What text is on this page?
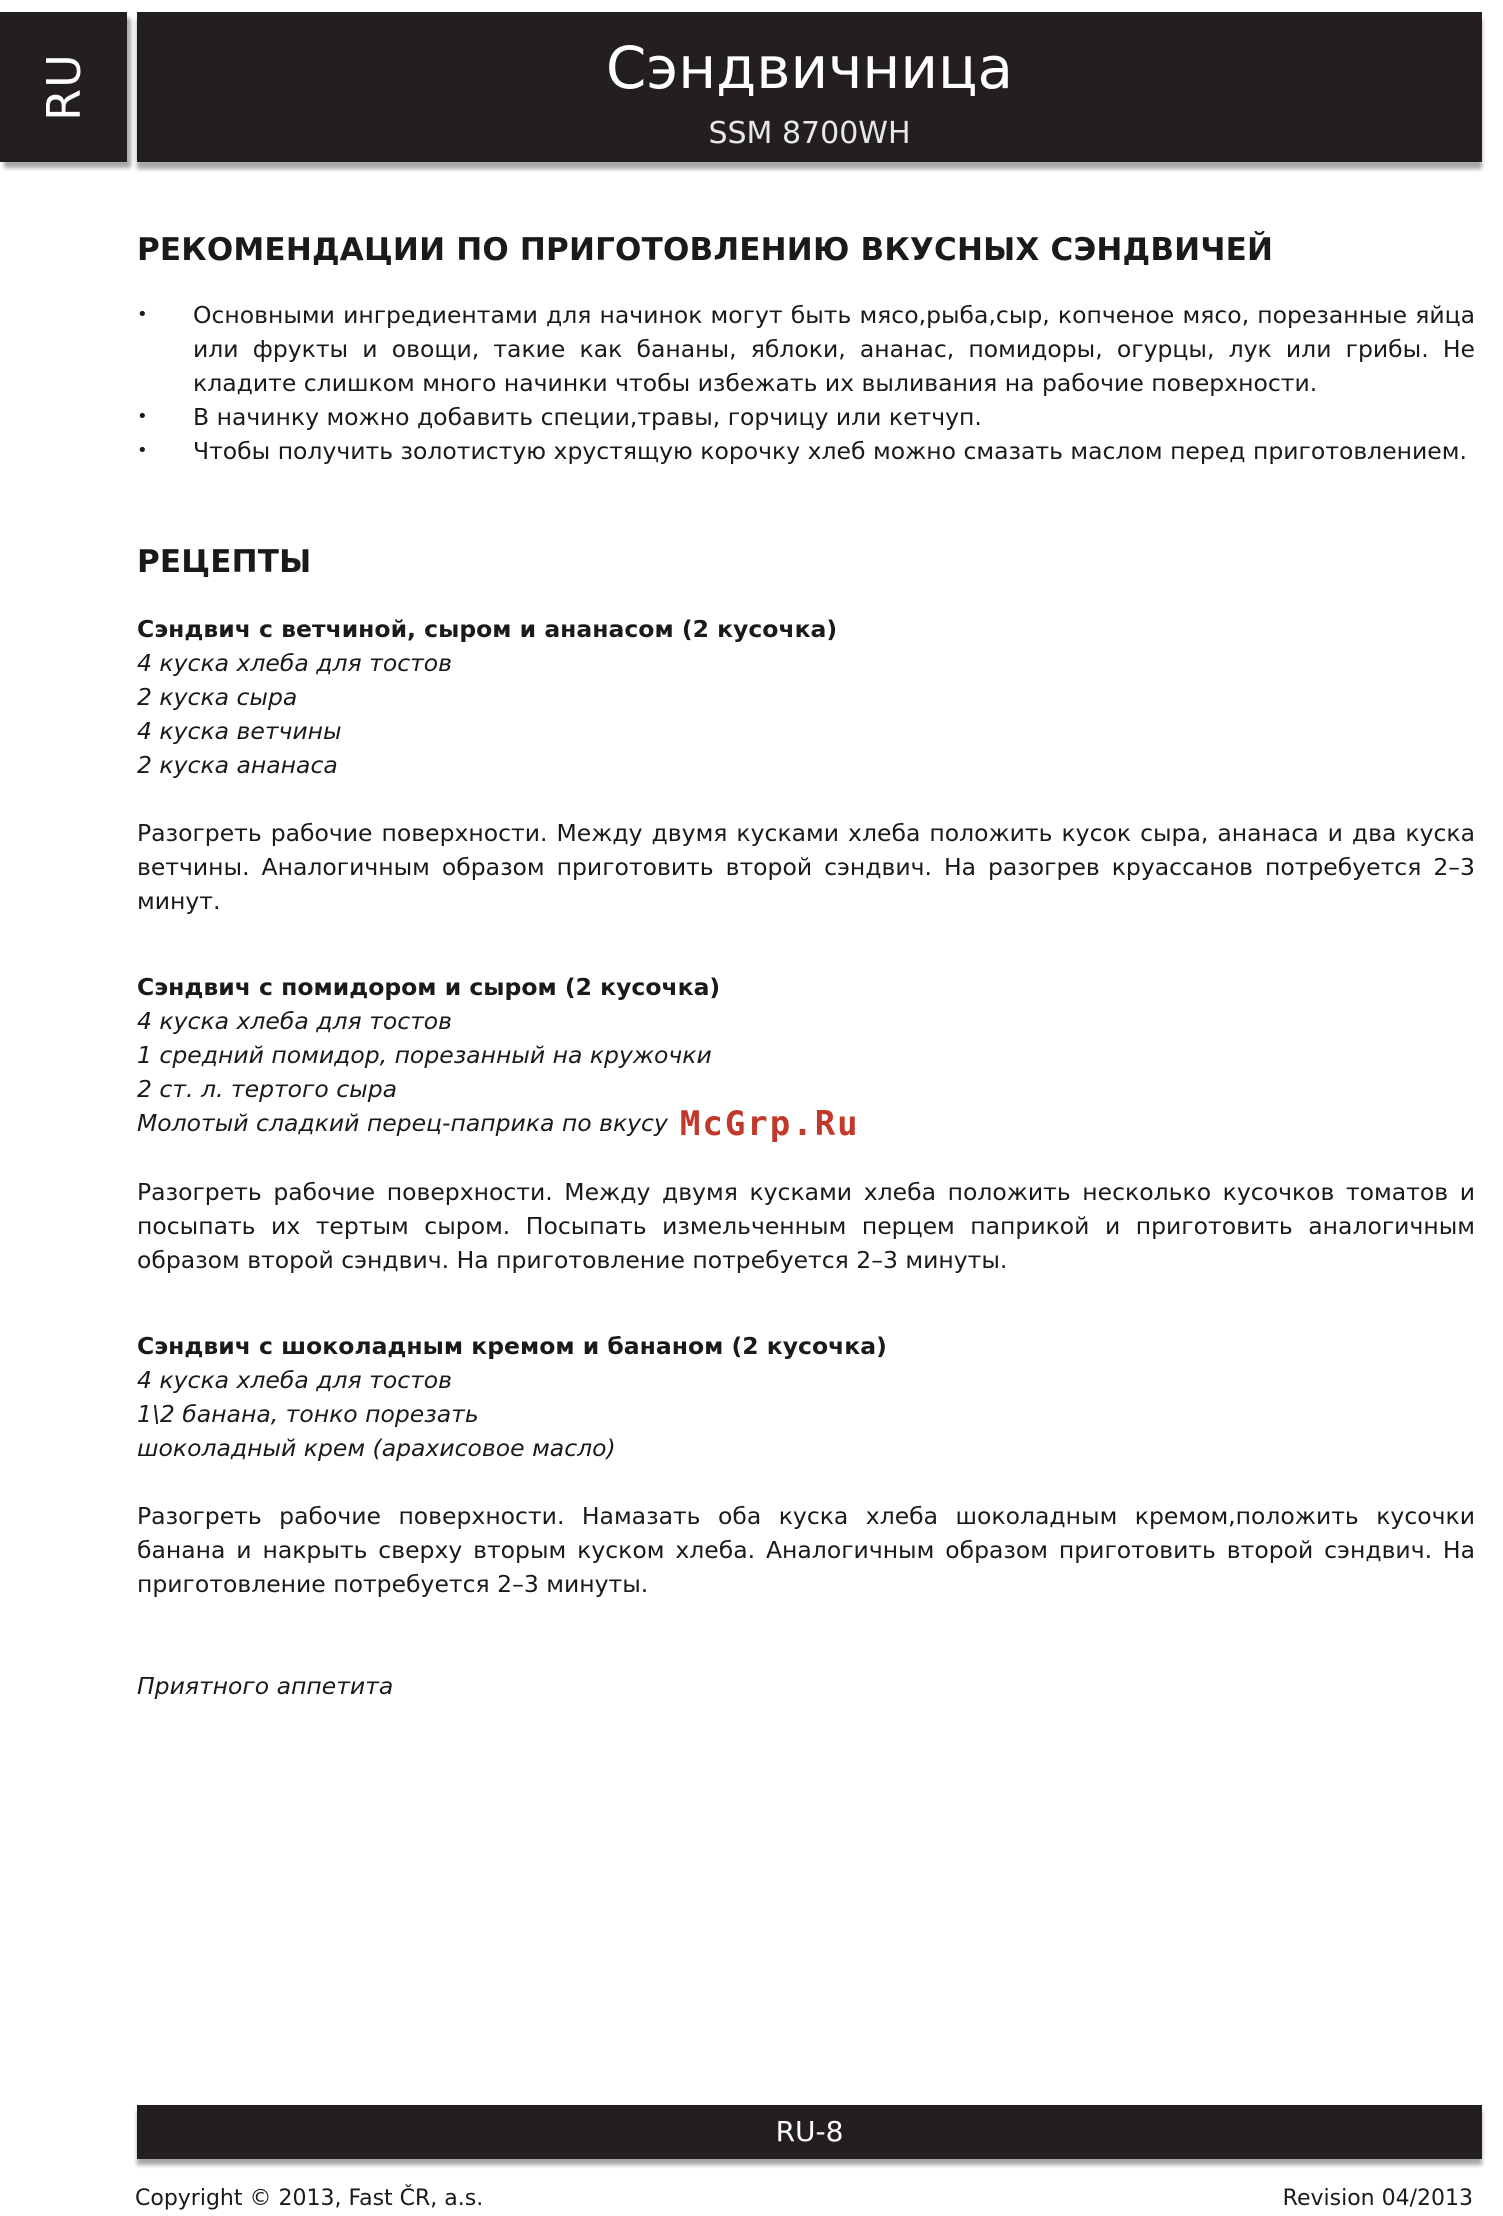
RU	Сэндвичница
SSM 8700WH
РЕКОМЕНДАЦИИ ПО ПРИГОТОВЛЕНИЮ ВКУСНЫХ СЭНДВИЧЕЙ
• Основными ингредиентами для начинок могут быть мясо,рыба,сыр, копченое мясо, порезанные яйца или фрукты и овощи, такие как бананы, яблоки, ананас, помидоры, огурцы, лук или грибы. Не кладите слишком много начинки чтобы избежать их выливания на рабочие поверхности.
• В начинку можно добавить специи,травы, горчицу или кетчуп.
• Чтобы получить золотистую хрустящую корочку хлеб можно смазать маслом перед приготовлением.
РЕЦЕПТЫ
Сэндвич с ветчиной, сыром и ананасом (2 кусочка)
4 куска хлеба для тостов
2 куска сыра
4 куска ветчины
2 куска ананаса
Разогреть рабочие поверхности. Между двумя кусками хлеба положить кусок сыра, ананаса и два куска ветчины. Аналогичным образом приготовить второй сэндвич. На разогрев круассанов потребуется 2–3 минут.
Сэндвич с помидором и сыром (2 кусочка)
4 куска хлеба для тостов
1 средний помидор, порезанный на кружочки
2 ст. л. тертого сыра
Молотый сладкий перец-паприка по вкусу McGrp.Ru
Разогреть рабочие поверхности. Между двумя кусками хлеба положить несколько кусочков томатов и посыпать их тертым сыром. Посыпать измельченным перцем паприкой и приготовить аналогичным образом второй сэндвич. На приготовление потребуется 2–3 минуты.
Сэндвич с шоколадным кремом и бананом (2 кусочка)
4 куска хлеба для тостов
1\2 банана, тонко порезать
шоколадный крем (арахисовое масло)
Разогреть рабочие поверхности. Намазать оба куска хлеба шоколадным кремом,положить кусочки банана и накрыть сверху вторым куском хлеба. Аналогичным образом приготовить второй сэндвич. На приготовление потребуется 2–3 минуты.
Приятного аппетита
RU-8
Copyright © 2013, Fast ČR, a.s.	Revision 04/2013
